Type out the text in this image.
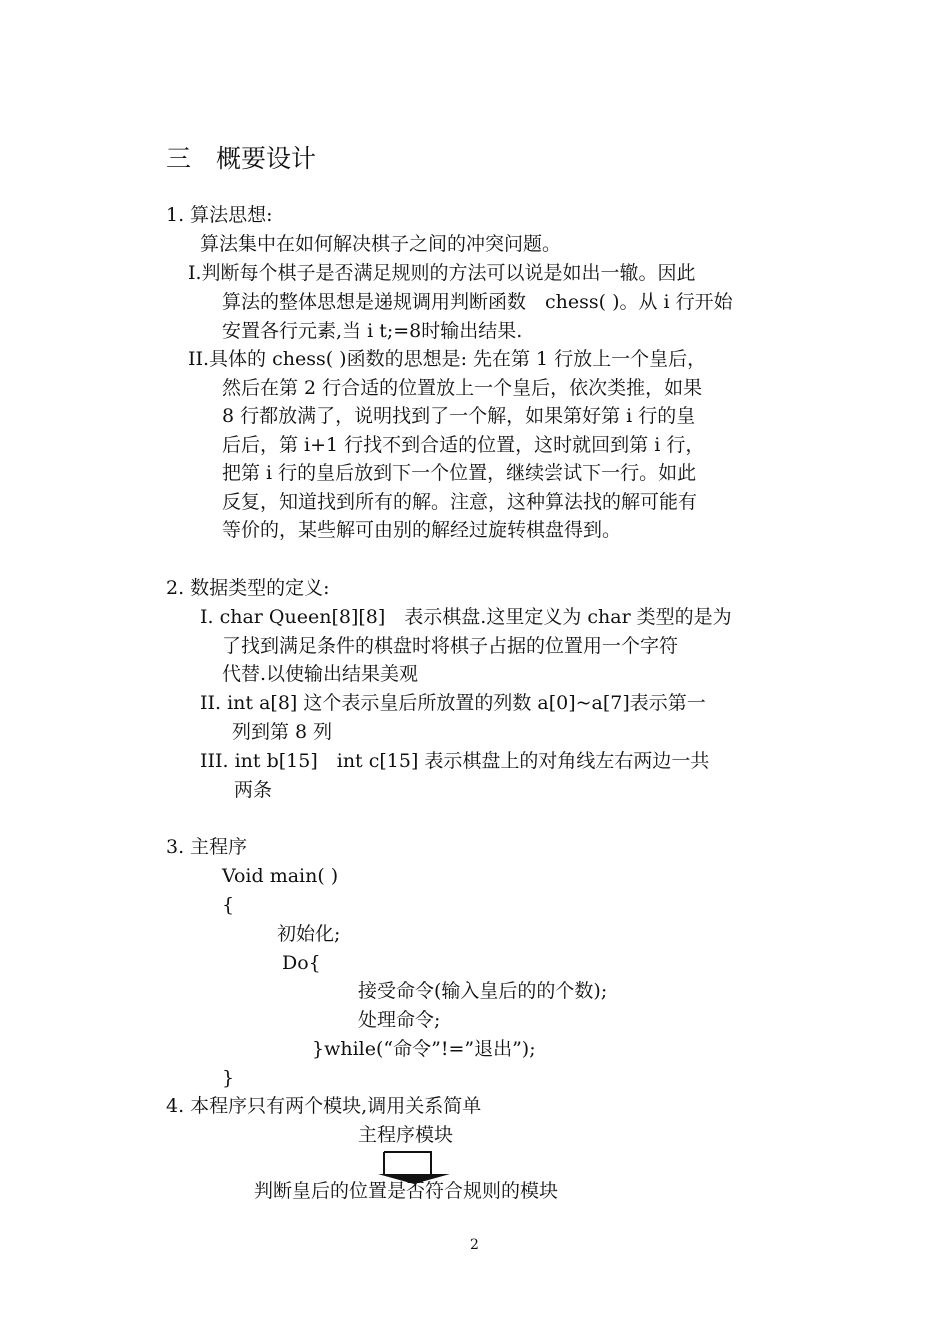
三　概要设计
1. 算法思想:
算法集中在如何解决棋子之间的冲突问题。
I.判断每个棋子是否满足规则的方法可以说是如出一辙。因此
算法的整体思想是递规调用判断函数　chess( )。从 i 行开始
安置各行元素,当 i t;=8时输出结果.
II.具体的 chess( )函数的思想是: 先在第 1 行放上一个皇后，
然后在第 2 行合适的位置放上一个皇后，依次类推，如果
8 行都放满了，说明找到了一个解，如果第好第 i 行的皇
后后，第 i+1 行找不到合适的位置，这时就回到第 i 行，
把第 i 行的皇后放到下一个位置，继续尝试下一行。如此
反复，知道找到所有的解。注意，这种算法找的解可能有
等价的，某些解可由别的解经过旋转棋盘得到。
2. 数据类型的定义:
I. char Queen[8][8]　表示棋盘.这里定义为 char 类型的是为
了找到满足条件的棋盘时将棋子占据的位置用一个字符
代替.以使输出结果美观
II. int a[8] 这个表示皇后所放置的列数 a[0]~a[7]表示第一
列到第 8 列
III. int b[15]　int c[15] 表示棋盘上的对角线左右两边一共
两条
3. 主程序
Void main( )
{
初始化;
Do{
接受命令(输入皇后的的个数);
处理命令;
}while(“命令”!=”退出”);
}
4. 本程序只有两个模块,调用关系简单
主程序模块
判断皇后的位置是否符合规则的模块
2
